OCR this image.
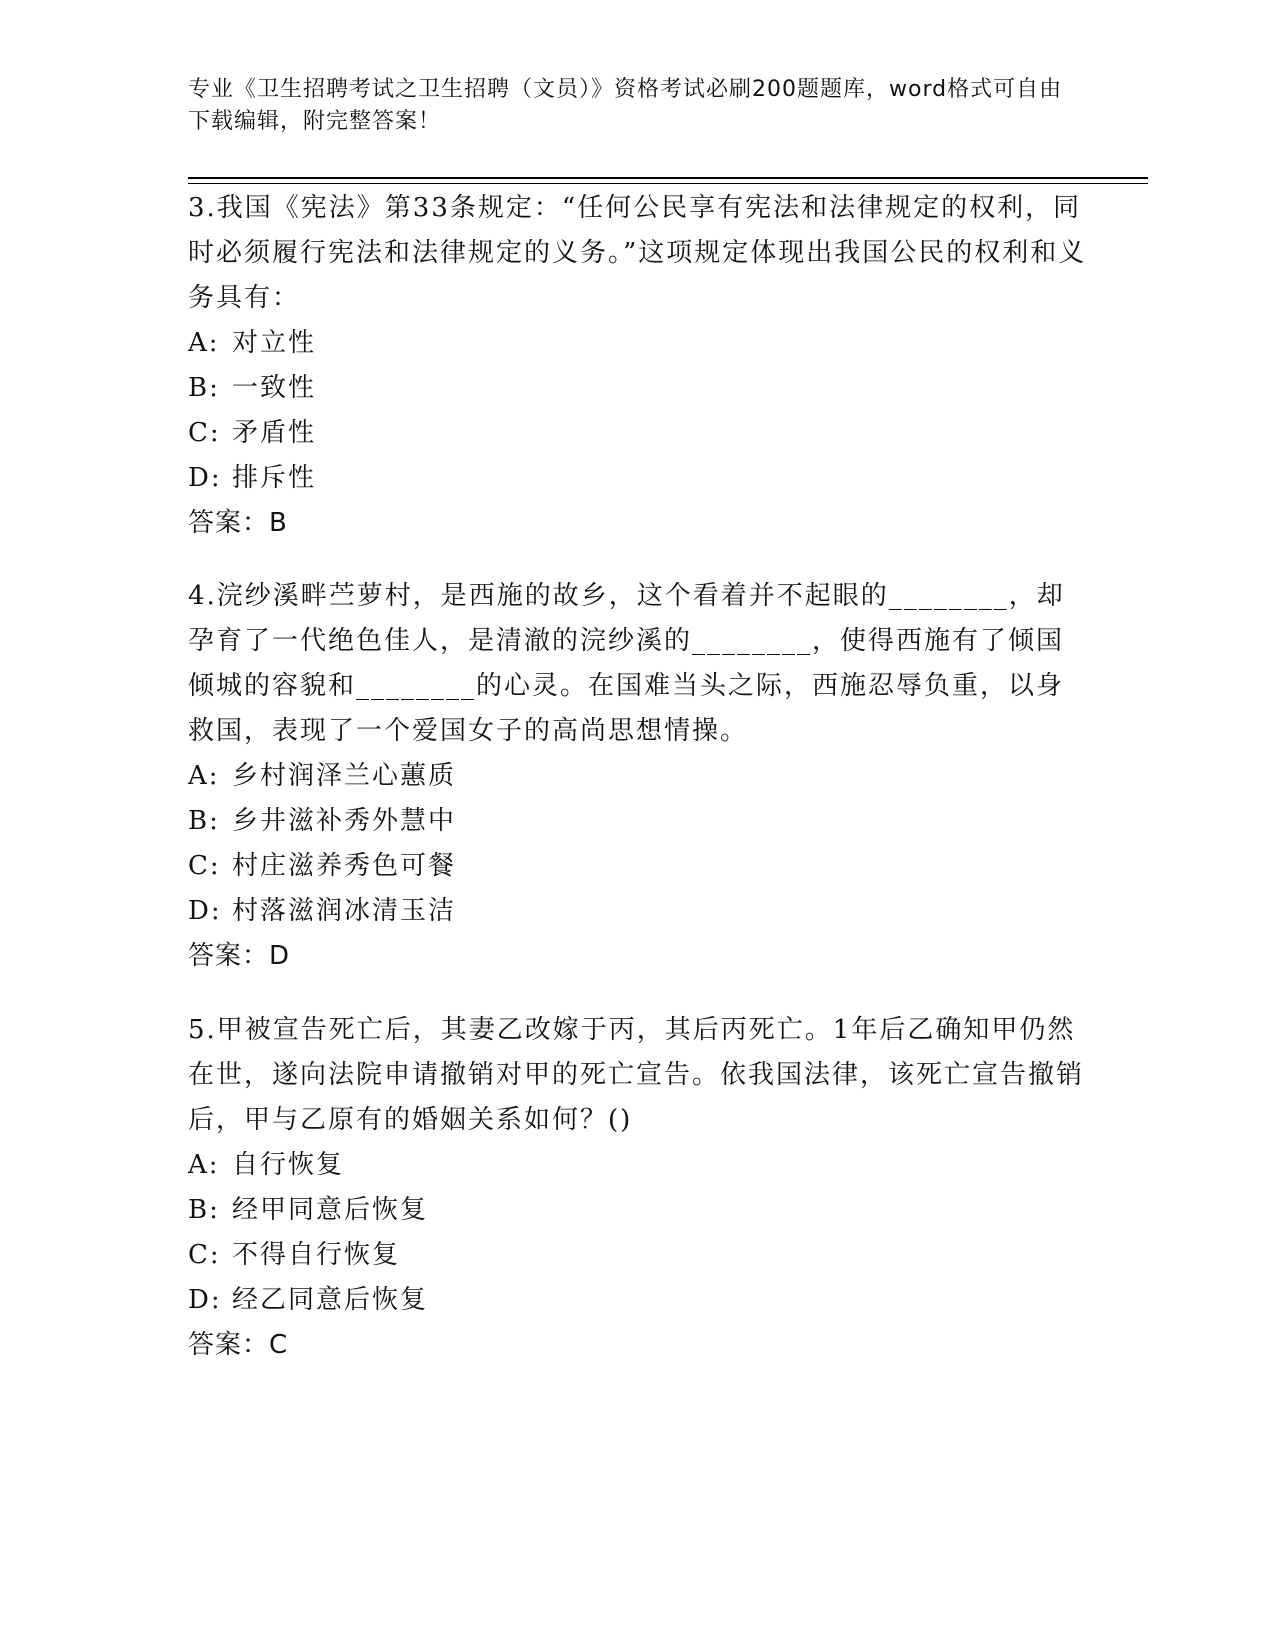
专业《卫生招聘考试之卫生招聘（文员）》资格考试必刷200题题库，word格式可自由下载编辑，附完整答案！

3.我国《宪法》第33条规定：“任何公民享有宪法和法律规定的权利，同时必须履行宪法和法律规定的义务。”这项规定体现出我国公民的权利和义务具有：

A: 对立性

B: 一致性

C: 矛盾性

D: 排斥性

答案：B

4.浣纱溪畔苎萝村，是西施的故乡，这个看着并不起眼的________，却孕育了一代绝色佳人，是清澈的浣纱溪的________，使得西施有了倾国倾城的容貌和________的心灵。在国难当头之际，西施忍辱负重，以身救国，表现了一个爱国女子的高尚思想情操。

A: 乡村润泽兰心蕙质

B: 乡井滋补秀外慧中

C: 村庄滋养秀色可餐

D: 村落滋润冰清玉洁

答案：D

5.甲被宣告死亡后，其妻乙改嫁于丙，其后丙死亡。1年后乙确知甲仍然在世，遂向法院申请撤销对甲的死亡宣告。依我国法律，该死亡宣告撤销后，甲与乙原有的婚姻关系如何？()

A: 自行恢复

B: 经甲同意后恢复

C: 不得自行恢复

D: 经乙同意后恢复

答案：C
